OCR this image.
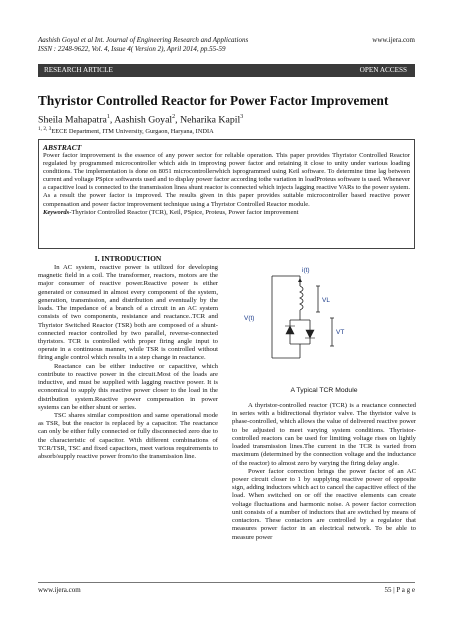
Aashish Goyal et al Int. Journal of Engineering Research and Applications
ISSN : 2248-9622, Vol. 4, Issue 4( Version 2), April 2014, pp.55-59
www.ijera.com
RESEARCH ARTICLE	OPEN ACCESS
Thyristor Controlled Reactor for Power Factor Improvement
Sheila Mahapatra$^1$, Aashish Goyal$^2$, Neharika Kapil$^3$
$^{1, 2, 3}$EECE Department, ITM University, Gurgaon, Haryana, INDIA
ABSTRACT
Power factor improvement is the essence of any power sector for reliable operation. This paper provides Thyristor Controlled Reactor regulated by programmed microcontroller which aids in improving power factor and retaining it close to unity under various loading conditions. The implementation is done on 8051 microcontrollerwhich isprogrammed using Keil software. To determine time lag between current and voltage PSpice softwareis used and to display power factor according tothe variation in loadProteus software is used. Whenever a capacitive load is connected to the transmission linea shunt reactor is connected which injects lagging reactive VARs to the power system. As a result the power factor is improved. The results given in this paper provides suitable microcontroller based reactive power compensation and power factor improvement technique using a Thyristor Controlled Reactor module.
Keywords-Thyristor Controlled Reactor (TCR), Keil, PSpice, Proteus, Power factor improvement
I. INTRODUCTION

In AC system, reactive power is utilized for developing magnetic field in a coil. The transformer, reactors, motors are the major consumer of reactive power.Reactive power is either generated or consumed in almost every component of the system, generation, transmission, and distribution and eventually by the loads. The impedance of a branch of a circuit in an AC system consists of two components, resistance and reactance..TCR and Thyristor Switched Reactor (TSR) both are composed of a shunt-connected reactor controlled by two parallel, reverse-connected thyristors. TCR is controlled with proper firing angle input to operate in a continuous manner, while TSR is controlled without firing angle control which results in a step change in reactance.

Reactance can be either inductive or capacitive, which contribute to reactive power in the circuit.Most of the loads are inductive, and must be supplied with lagging reactive power. It is economical to supply this reactive power closer to the load in the distribution system.Reactive power compensation in power systems can be either shunt or series.

TSC shares similar composition and same operational mode as TSR, but the reactor is replaced by a capacitor. The reactance can only be either fully connected or fully disconnected zero due to the characteristic of capacitor. With different combinations of TCR/TSR, TSC and fixed capacitors, meet various requirements to absorb/supply reactive power from/to the transmission line.

i(t)
V(t)
VL
VT
A Typical TCR Module

A thyristor-controlled reactor (TCR) is a reactance connected in series with a bidirectional thyristor valve. The thyristor valve is phase-controlled, which allows the value of delivered reactive power to be adjusted to meet varying system conditions. Thyristor-controlled reactors can be used for limiting voltage rises on lightly loaded transmission lines.The current in the TCR is varied from maximum (determined by the connection voltage and the inductance of the reactor) to almost zero by varying the firing delay angle.

Power factor correction brings the power factor of an AC power circuit closer to 1 by supplying reactive power of opposite sign, adding inductors which act to cancel the capacitive effect of the load. When switched on or off the reactive elements can create voltage fluctuations and harmonic noise. A power factor correction unit consists of a number of inductors that are switched by means of contactors. These contactors are controlled by a regulator that measures power factor in an electrical network. To be able to measure power

www.ijera.com	55 | P a g e
